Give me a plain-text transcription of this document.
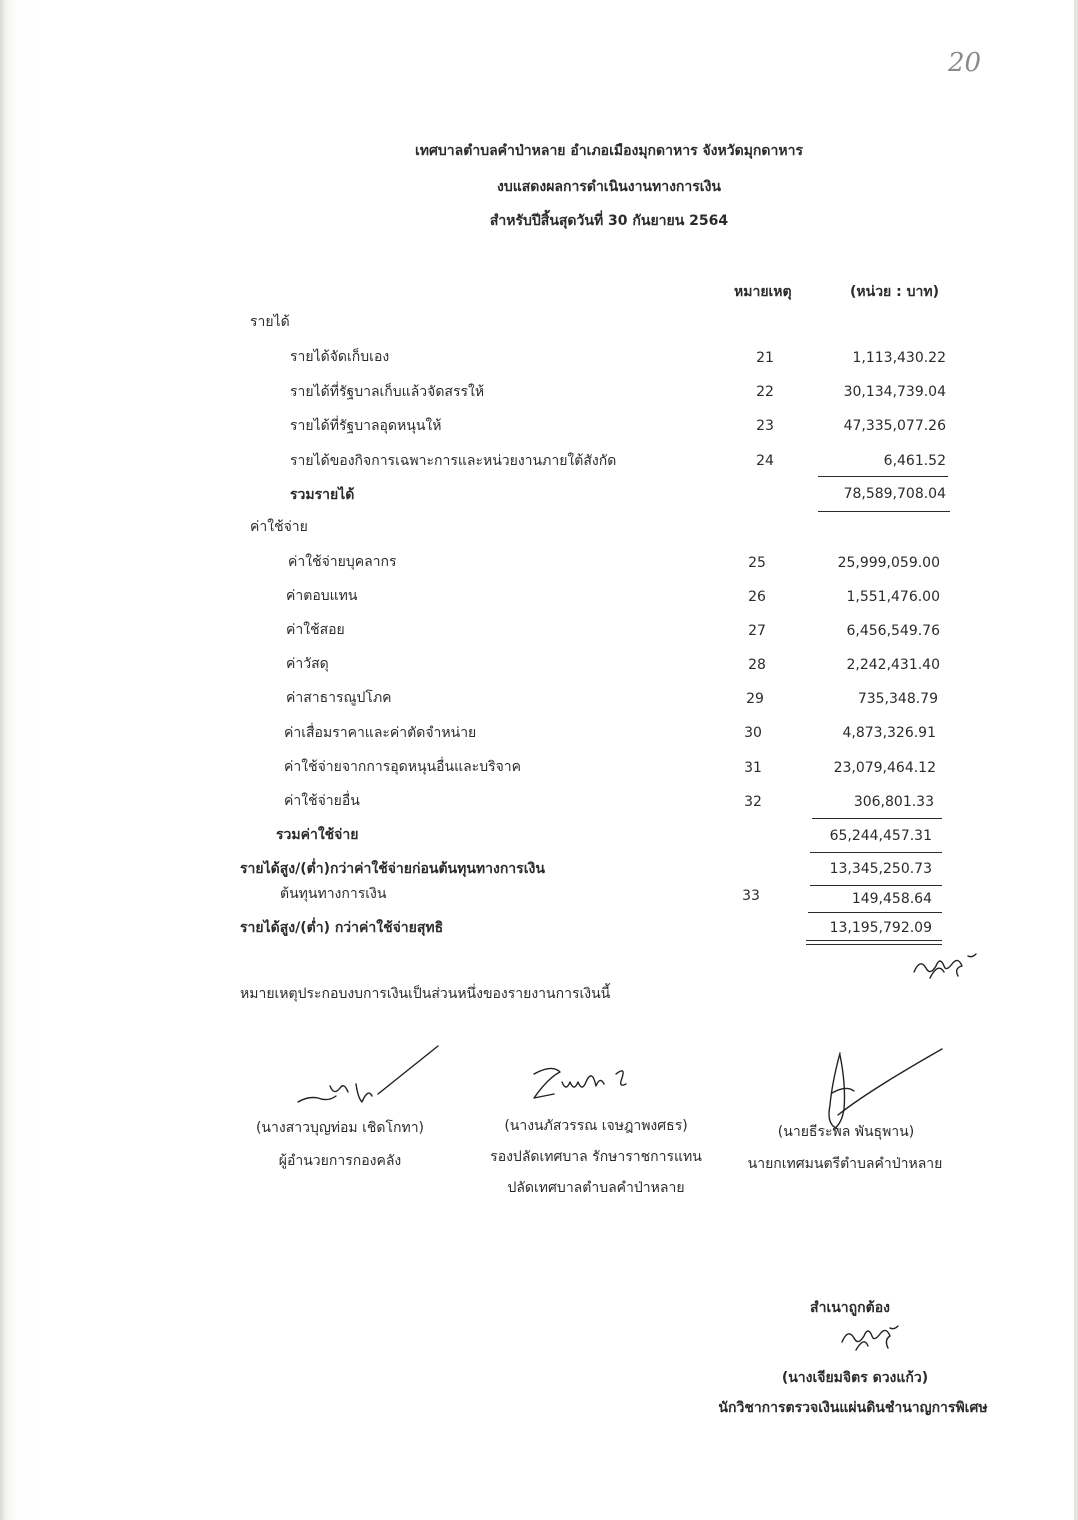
20
เทศบาลตำบลคำป่าหลาย อำเภอเมืองมุกดาหาร จังหวัดมุกดาหาร
งบแสดงผลการดำเนินงานทางการเงิน
สำหรับปีสิ้นสุดวันที่ 30 กันยายน 2564
หมายเหตุ	(หน่วย : บาท)
รายได้
รายได้จัดเก็บเอง	21	1,113,430.22
รายได้ที่รัฐบาลเก็บแล้วจัดสรรให้	22	30,134,739.04
รายได้ที่รัฐบาลอุดหนุนให้	23	47,335,077.26
รายได้ของกิจการเฉพาะการและหน่วยงานภายใต้สังกัด	24	6,461.52
รวมรายได้	78,589,708.04
ค่าใช้จ่าย
ค่าใช้จ่ายบุคลากร	25	25,999,059.00
ค่าตอบแทน	26	1,551,476.00
ค่าใช้สอย	27	6,456,549.76
ค่าวัสดุ	28	2,242,431.40
ค่าสาธารณูปโภค	29	735,348.79
ค่าเสื่อมราคาและค่าตัดจำหน่าย	30	4,873,326.91
ค่าใช้จ่ายจากการอุดหนุนอื่นและบริจาค	31	23,079,464.12
ค่าใช้จ่ายอื่น	32	306,801.33
รวมค่าใช้จ่าย	65,244,457.31
รายได้สูง/(ต่ำ)กว่าค่าใช้จ่ายก่อนต้นทุนทางการเงิน	13,345,250.73
ต้นทุนทางการเงิน	33	149,458.64
รายได้สูง/(ต่ำ) กว่าค่าใช้จ่ายสุทธิ	13,195,792.09
หมายเหตุประกอบงบการเงินเป็นส่วนหนึ่งของรายงานการเงินนี้
(นางสาวบุญท่อม เชิดโกทา)
ผู้อำนวยการกองคลัง
(นางนภัสวรรณ เจษฎาพงศธร)
รองปลัดเทศบาล รักษาราชการแทน
ปลัดเทศบาลตำบลคำป่าหลาย
(นายธีระพล พันธุพาน)
นายกเทศมนตรีตำบลคำป่าหลาย
สำเนาถูกต้อง
(นางเจียมจิตร ดวงแก้ว)
นักวิชาการตรวจเงินแผ่นดินชำนาญการพิเศษ
